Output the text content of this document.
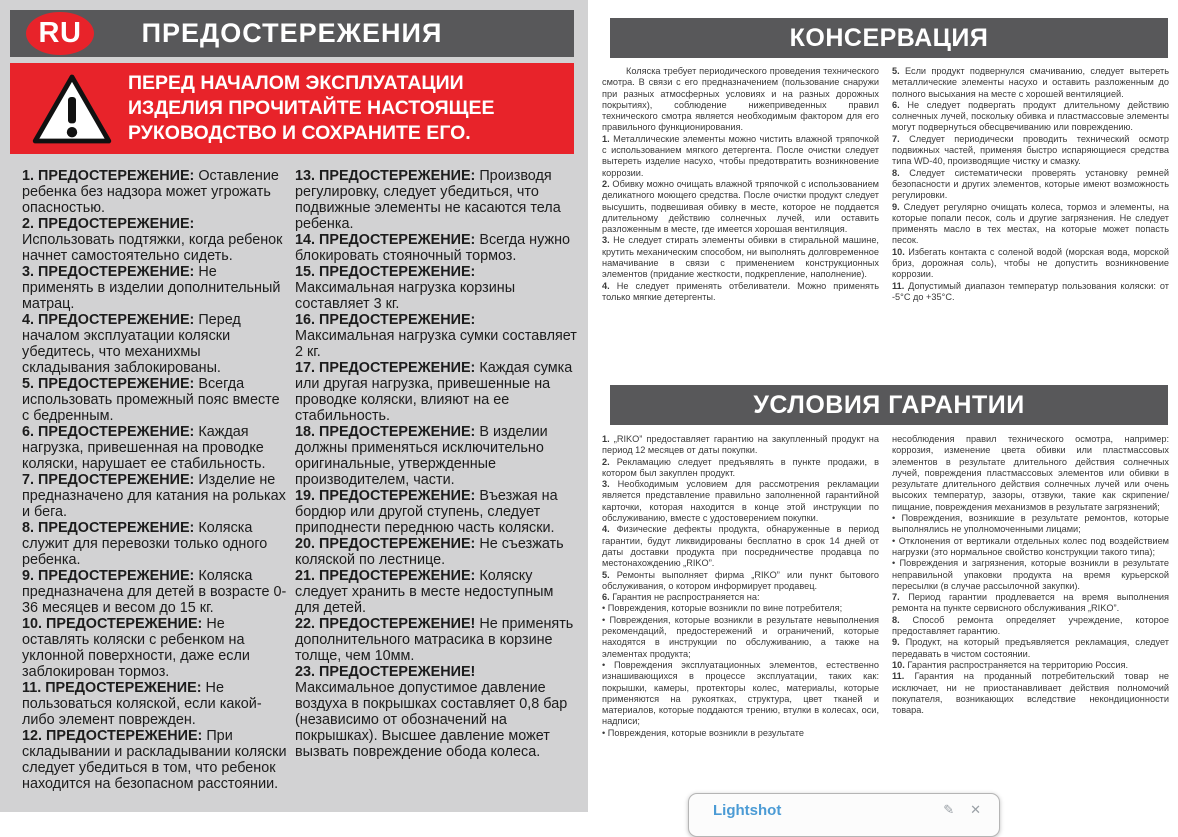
RU	ПРЕДОСТЕРЕЖЕНИЯ
ПЕРЕД НАЧАЛОМ ЭКСПЛУАТАЦИИ ИЗДЕЛИЯ ПРОЧИТАЙТЕ НАСТОЯЩЕЕ РУКОВОДСТВО И СОХРАНИТЕ ЕГО.

1. ПРЕДОСТЕРЕЖЕНИЕ: Оставление ребенка без надзора может угрожать опасностью.

2. ПРЕДОСТЕРЕЖЕНИЕ: Использовать подтяжки, когда ребенок начнет самостоятельно сидеть.

3. ПРЕДОСТЕРЕЖЕНИЕ: Не применять в изделии дополнительный матрац.

4. ПРЕДОСТЕРЕЖЕНИЕ: Перед началом эксплуатации коляски убедитесь, что механихмы складывания заблокированы.

5. ПРЕДОСТЕРЕЖЕНИЕ: Всегда использовать промежный пояс вместе с бедренным.

6. ПРЕДОСТЕРЕЖЕНИЕ: Каждая нагрузка, привешенная на проводке коляски, нарушает ее стабильность.

7. ПРЕДОСТЕРЕЖЕНИЕ: Изделие не предназначено для катания на рольках и бега.

8. ПРЕДОСТЕРЕЖЕНИЕ: Коляска служит для перевозки только одного ребенка.

9. ПРЕДОСТЕРЕЖЕНИЕ: Коляска предназначена для детей в возрасте 0-36 месяцев и весом до 15 кг.

10. ПРЕДОСТЕРЕЖЕНИЕ: Не оставлять коляски с ребенком на уклонной поверхности, даже если заблокирован тормоз.

11. ПРЕДОСТЕРЕЖЕНИЕ: Не пользоваться коляской, если какой-либо элемент поврежден.

12. ПРЕДОСТЕРЕЖЕНИЕ: При складывании и раскладывании коляски следует убедиться в том, что ребенок находится на безопасном расстоянии.

13. ПРЕДОСТЕРЕЖЕНИЕ: Производя регулировку, следует убедиться, что подвижные элементы не касаются тела ребенка.

14. ПРЕДОСТЕРЕЖЕНИЕ: Всегда нужно блокировать стояночный тормоз.

15. ПРЕДОСТЕРЕЖЕНИЕ: Максимальная нагрузка корзины составляет 3 кг.

16. ПРЕДОСТЕРЕЖЕНИЕ: Максимальная нагрузка сумки составляет 2 кг.

17. ПРЕДОСТЕРЕЖЕНИЕ: Каждая сумка или другая нагрузка, привешенные на проводке коляски, влияют на ее стабильность.

18. ПРЕДОСТЕРЕЖЕНИЕ: В изделии должны применяться исключительно оригинальные, утвержденные производителем, части.

19. ПРЕДОСТЕРЕЖЕНИЕ: Въезжая на бордюр или другой ступень, следует приподнести переднюю часть коляски.

20. ПРЕДОСТЕРЕЖЕНИЕ: Не съезжать коляской по лестнице.

21. ПРЕДОСТЕРЕЖЕНИЕ: Коляску следует хранить в месте недоступным для детей.

22. ПРЕДОСТЕРЕЖЕНИЕ! Не применять дополнительного матрасика в корзине толще, чем 10мм.

23. ПРЕДОСТЕРЕЖЕНИЕ! Максимальное допустимое давление воздуха в покрышках составляет 0,8 бар (независимо от обозначений на покрышках). Высшее давление может вызвать повреждение обода колеса.

КОНСЕРВАЦИЯ

Коляска требует периодического проведения технического смотра. В связи с его предназначением (пользование снаружи при разных атмосферных условиях и на разных дорожных покрытиях), соблюдение нижеприведенных правил технического смотра является необходимым фактором для его правильного функционирования.

1. Металлические элементы можно чистить влажной тряпочкой с использованием мягкого детергента. После очистки следует вытереть изделие насухо, чтобы предотвратить возникновение коррозии.

2. Обивку можно очищать влажной тряпочкой с использованием деликатного моющего средства. После очистки продукт следует высушить, подвешивая обивку в месте, которое не поддается длительному действию солнечных лучей, или оставить разложенным в месте, где имеется хорошая вентиляция.

3. Не следует стирать элементы обивки в стиральной машине, крутить механическим способом, ни выполнять долговременное намачивание в связи с применением конструкционных элементов (придание жесткости, подкрепление, наполнение).

4. Не следует применять отбеливатели. Можно применять только мягкие детергенты.

5. Если продукт подвернулся смачиванию, следует вытереть металлические элементы насухо и оставить разложенным до полного высыхания на месте с хорошей вентиляцией.

6. Не следует подвергать продукт длительному действию солнечных лучей, поскольку обивка и пластмассовые элементы могут подвернуться обесцвечиванию или повреждению.

7. Следует периодически проводить технический осмотр подвижных частей, применяя быстро испаряющиеся средства типа WD-40, производящие чистку и смазку.

8. Следует систематически проверять установку ремней безопасности и других элементов, которые имеют возможность регулировки.

9. Следует регулярно очищать колеса, тормоз и элементы, на которые попали песок, соль и другие загрязнения. Не следует применять масло в тех местах, на которые может попасть песок.

10. Избегать контакта с соленой водой (морская вода, морской бриз, дорожная соль), чтобы не допустить возникновение коррозии.

11. Допустимый диапазон температур пользования коляски: от -5°С до +35°С.

УСЛОВИЯ ГАРАНТИИ

1. „RIKO” предоставляет гарантию на закупленный продукт на период 12 месяцев от даты покупки.

2. Рекламацию следует предъявлять в пункте продажи, в котором был закуплен продукт.

3. Необходимым условием для рассмотрения рекламации является представление правильно заполненной гарантийной карточки, которая находится в конце этой инструкции по обслуживанию, вместе с удостоверением покупки.

4. Физические дефекты продукта, обнаруженные в период гарантии, будут ликвидированы бесплатно в срок 14 дней от даты доставки продукта при посредничестве продавца по местонахождению „RIKO”.

5. Ремонты выполняет фирма „RIKO” или пункт бытового обслуживания, о котором информирует продавец.

6. Гарантия не распространяется на:

• Повреждения, которые возникли по вине потребителя;

• Повреждения, которые возникли в результате невыполнения рекомендаций, предостережений и ограничений, которые находятся в инструкции по обслуживанию, а также на элементах продукта;

• Повреждения эксплуатационных элементов, естественно изнашивающихся в процессе эксплуатации, таких как: покрышки, камеры, протекторы колес, материалы, которые применяются на рукоятках, структура, цвет тканей и материалов, которые поддаются трению, втулки в колесах, оси, надписи;

• Повреждения, которые возникли в результате

несоблюдения правил технического осмотра, например: коррозия, изменение цвета обивки или пластмассовых элементов в результате длительного действия солнечных лучей, повреждения пластмассовых элементов или обивки в результате длительного действия солнечных лучей или очень высоких температур, зазоры, отзвуки, такие как скрипение/ пищание, повреждения механизмов в результате загрязнений;

• Повреждения, возникшие в результате ремонтов, которые выполнялись не уполномоченными лицами;

• Отклонения от вертикали отдельных колес под воздействием нагрузки (это нормальное свойство конструкции такого типа);

• Повреждения и загрязнения, которые возникли в результате неправильной упаковки продукта на время курьерской пересылки (в случае рассылочной закупки).

7. Период гарантии продлевается на время выполнения ремонта на пункте сервисного обслуживания „RIKO”.

8. Способ ремонта определяет учреждение, которое предоставляет гарантию.

9. Продукт, на который предъявляется рекламация, следует передавать в чистом состоянии.

10. Гарантия распространяется на территорию Россия.

11. Гарантия на проданный потребительский товар не исключает, ни не приостанавливает действия полномочий покупателя, возникающих вследствие некондиционности товара.

Lightshot	✎ ✕
